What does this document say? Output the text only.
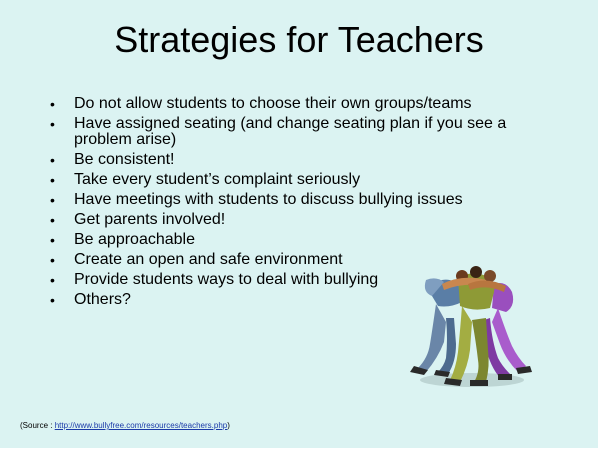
Strategies for Teachers
• Do not allow students to choose their own groups/teams
• Have assigned seating (and change seating plan if you see a problem arise)
• Be consistent!
• Take every student’s complaint seriously
• Have meetings with students to discuss bullying issues
• Get parents involved!
• Be approachable
• Create an open and safe environment
• Provide students ways to deal with bullying
• Others?
(Source : http://www.bullyfree.com/resources/teachers.php)
